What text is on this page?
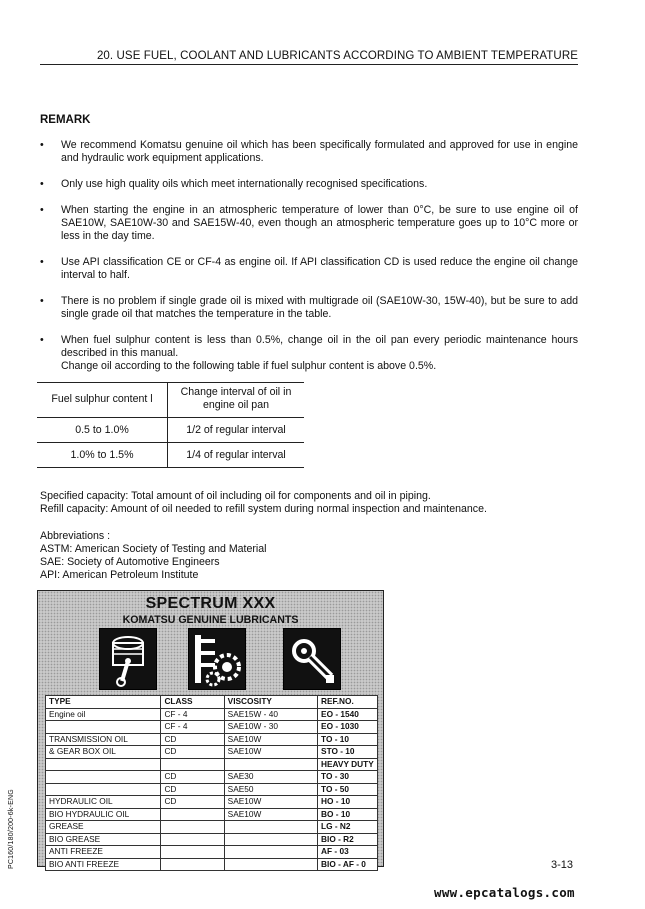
20. USE FUEL, COOLANT AND LUBRICANTS ACCORDING TO AMBIENT TEMPERATURE
REMARK
• We recommend Komatsu genuine oil which has been specifically formulated and approved for use in engine and hydraulic work equipment applications.

• Only use high quality oils which meet internationally recognised specifications.

• When starting the engine in an atmospheric temperature of lower than 0°C, be sure to use engine oil of SAE10W, SAE10W-30 and SAE15W-40, even though an atmospheric temperature goes up to 10°C more or less in the day time.

• Use API classification CE or CF-4 as engine oil. If API classification CD is used reduce the engine oil change interval to half.

• There is no problem if single grade oil is mixed with multigrade oil (SAE10W-30, 15W-40), but be sure to add single grade oil that matches the temperature in the table.

• When fuel sulphur content is less than 0.5%, change oil in the oil pan every periodic maintenance hours described in this manual.

Change oil according to the following table if fuel sulphur content is above 0.5%.

Fuel sulphur content l	Change interval of oil in engine oil pan
0.5 to 1.0%	1/2 of regular interval
1.0% to 1.5%	1/4 of regular interval
Specified capacity: Total amount of oil including oil for components and oil in piping.
Refill capacity: Amount of oil needed to refill system during normal inspection and maintenance.
Abbreviations :
ASTM: American Society of Testing and Material
SAE: Society of Automotive Engineers
API: American Petroleum Institute
SPECTRUM XXX
KOMATSU GENUINE LUBRICANTS
TYPE	CLASS	VISCOSITY	REF.NO.
Engine oil	CF - 4	SAE15W - 40	EO - 1540
	CF - 4	SAE10W - 30	EO - 1030
TRANSMISSION OIL	CD	SAE10W	TO - 10
& GEAR BOX OIL	CD	SAE10W	STO - 10
			HEAVY DUTY
	CD	SAE30	TO - 30
	CD	SAE50	TO - 50
HYDRAULIC OIL	CD	SAE10W	HO - 10
BIO HYDRAULIC OIL		SAE10W	BO - 10
GREASE			LG - N2
BIO GREASE			BIO - R2
ANTI FREEZE			AF - 03
BIO ANTI FREEZE			BIO - AF - 0
PC160/180/200-6k-ENG	3-13
www.epcatalogs.com
